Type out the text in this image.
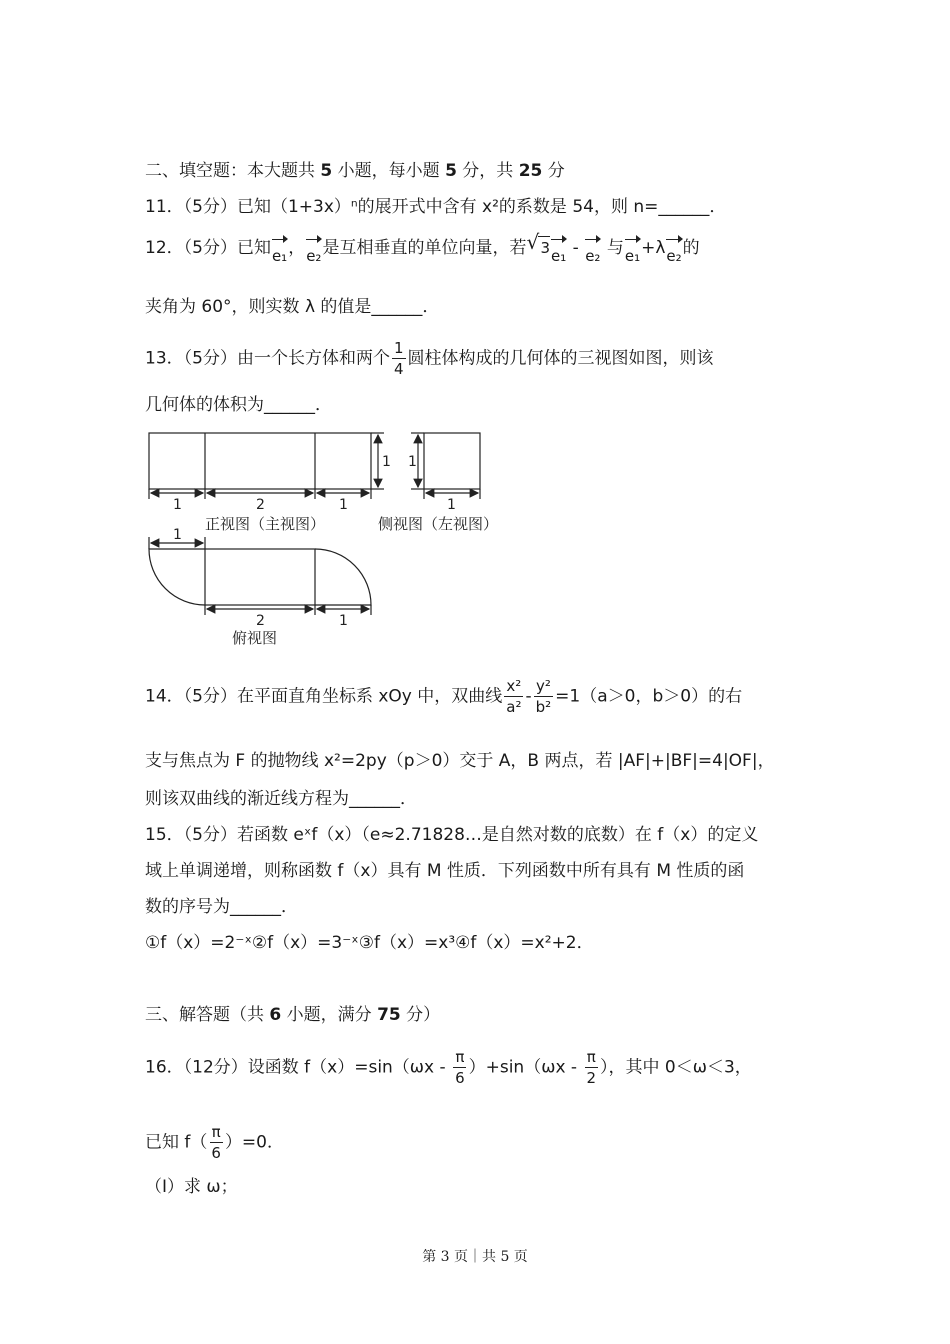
二、填空题：本大题共 5 小题，每小题 5 分，共 25 分
11．（5分）已知（1+3x）ⁿ的展开式中含有 x²的系数是 54，则 n=______．
12．（5分）已知e₁，e₂是互相垂直的单位向量，若√ 3e₁ - e₂ 与e₁+λe₂的
夹角为 60°，则实数 λ 的值是______．
13．（5分）由一个长方体和两个 $\frac{1}{4}$ 圆柱体构成的几何体的三视图如图，则该
几何体的体积为______．
1	2	1
1 1
1
1
2	1
正视图（主视图）	侧视图（左视图）
俯视图
14．（5分）在平面直角坐标系 xOy 中，双曲线 $\frac{\text{x²}}{\text{a²}} - \frac{\text{y²}}{\text{b²}} =1(a>0$，b＞0）的右
支与焦点为 F 的抛物线 x²=2py（p＞0）交于 A，B 两点，若 |AF|+|BF|=4|OF|，
则该双曲线的渐近线方程为______．
15．（5分）若函数 eˣf（x）（e≈2.71828…是自然对数的底数）在 f（x）的定义
域上单调递增，则称函数 f（x）具有 M 性质．下列函数中所有具有 M 性质的函
数的序号为______．
①f（x）=2⁻ˣ②f（x）=3⁻ˣ③f（x）=x³④f（x）=x²+2．
三、解答题（共 6 小题，满分 75 分）
16．（12分）设函数 $f(x)=\sin(\omega x - \frac{\pi}{6} )+\sin(\omega x - \frac{\pi}{2}$ ），其中 0＜ω＜3，
已知 $f( \frac{\pi}{6} )=0$．
（Ⅰ）求 ω；
第 3 页｜共 5 页
